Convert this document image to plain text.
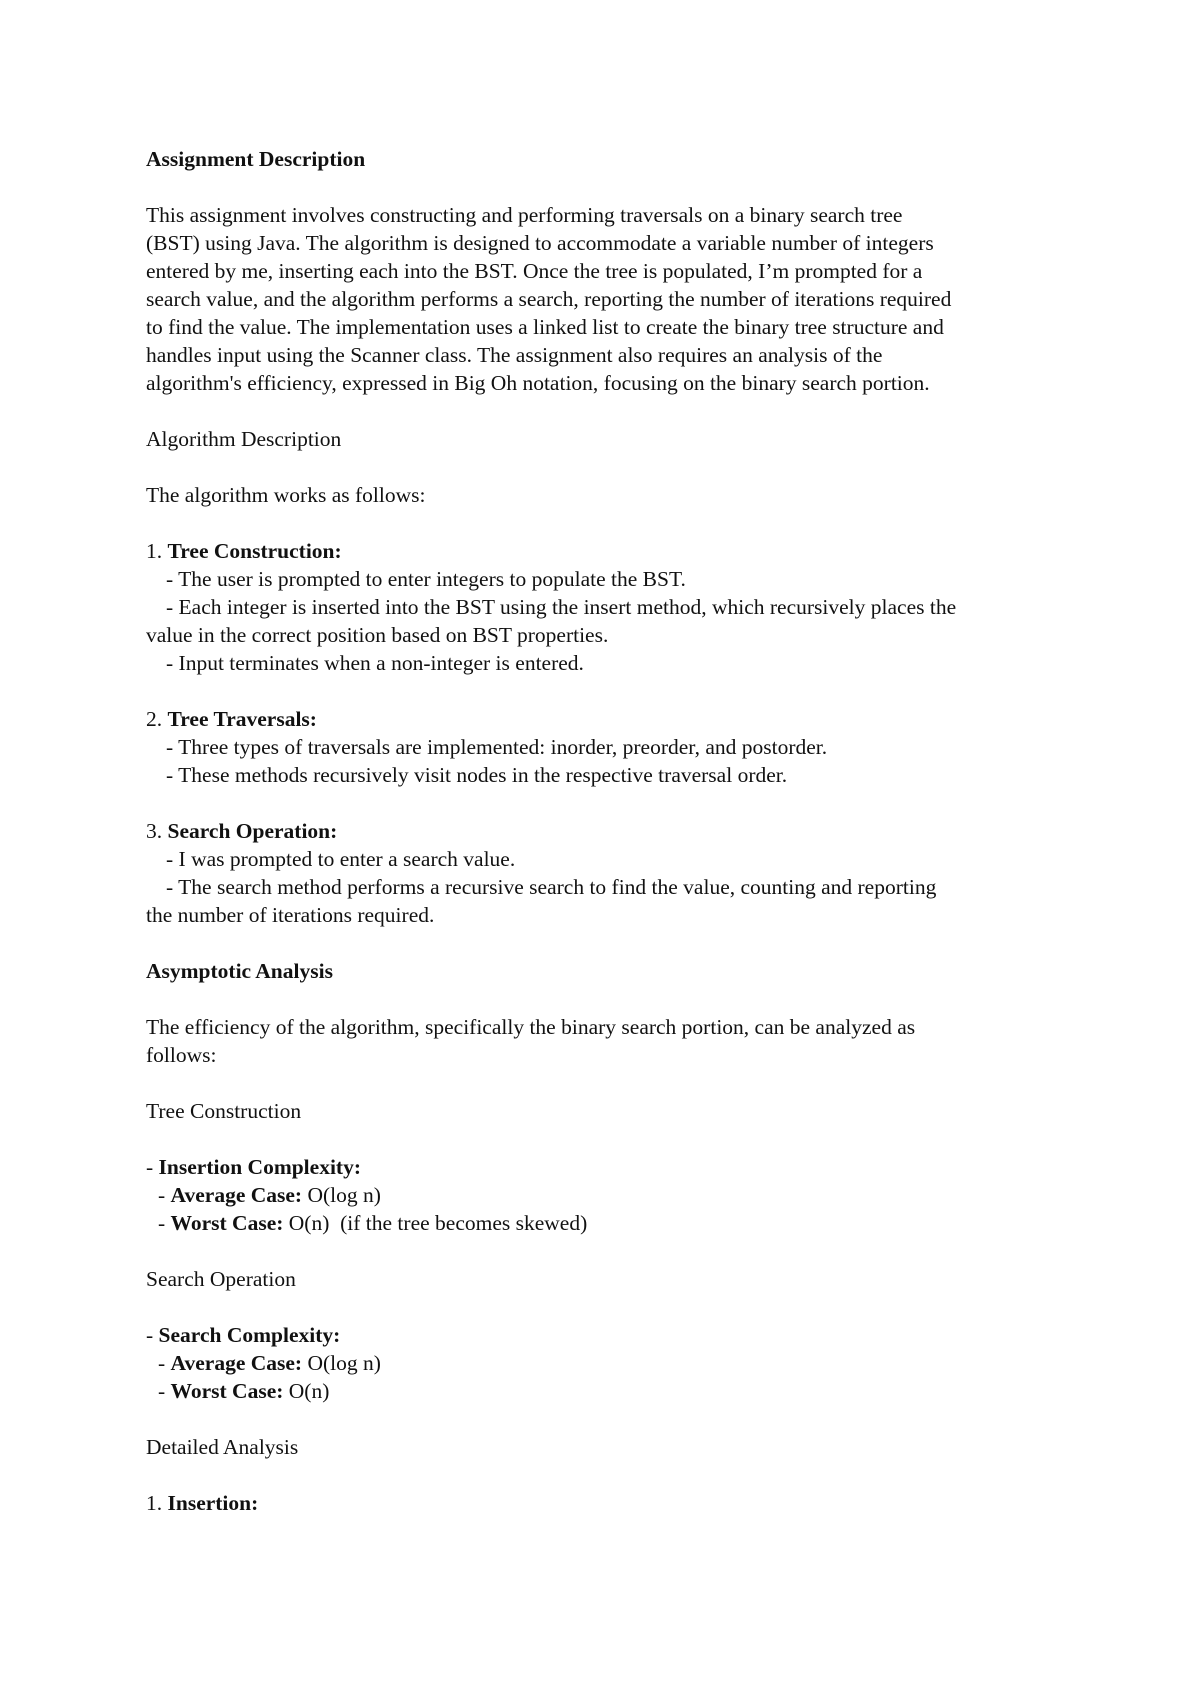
Assignment Description

This assignment involves constructing and performing traversals on a binary search tree

(BST) using Java. The algorithm is designed to accommodate a variable number of integers

entered by me, inserting each into the BST. Once the tree is populated, I’m prompted for a

search value, and the algorithm performs a search, reporting the number of iterations required

to find the value. The implementation uses a linked list to create the binary tree structure and

handles input using the Scanner class. The assignment also requires an analysis of the

algorithm's efficiency, expressed in Big Oh notation, focusing on the binary search portion.

Algorithm Description

The algorithm works as follows:

1. Tree Construction:

- The user is prompted to enter integers to populate the BST.

- Each integer is inserted into the BST using the insert method, which recursively places the

value in the correct position based on BST properties.

- Input terminates when a non-integer is entered.

2. Tree Traversals:

- Three types of traversals are implemented: inorder, preorder, and postorder.

- These methods recursively visit nodes in the respective traversal order.

3. Search Operation:

- I was prompted to enter a search value.

- The search method performs a recursive search to find the value, counting and reporting

the number of iterations required.

Asymptotic Analysis

The efficiency of the algorithm, specifically the binary search portion, can be analyzed as

follows:

Tree Construction

- Insertion Complexity:

- Average Case: O(log n)

- Worst Case: O(n)  (if the tree becomes skewed)

Search Operation

- Search Complexity:

- Average Case: O(log n)

- Worst Case: O(n)

Detailed Analysis

1. Insertion:
